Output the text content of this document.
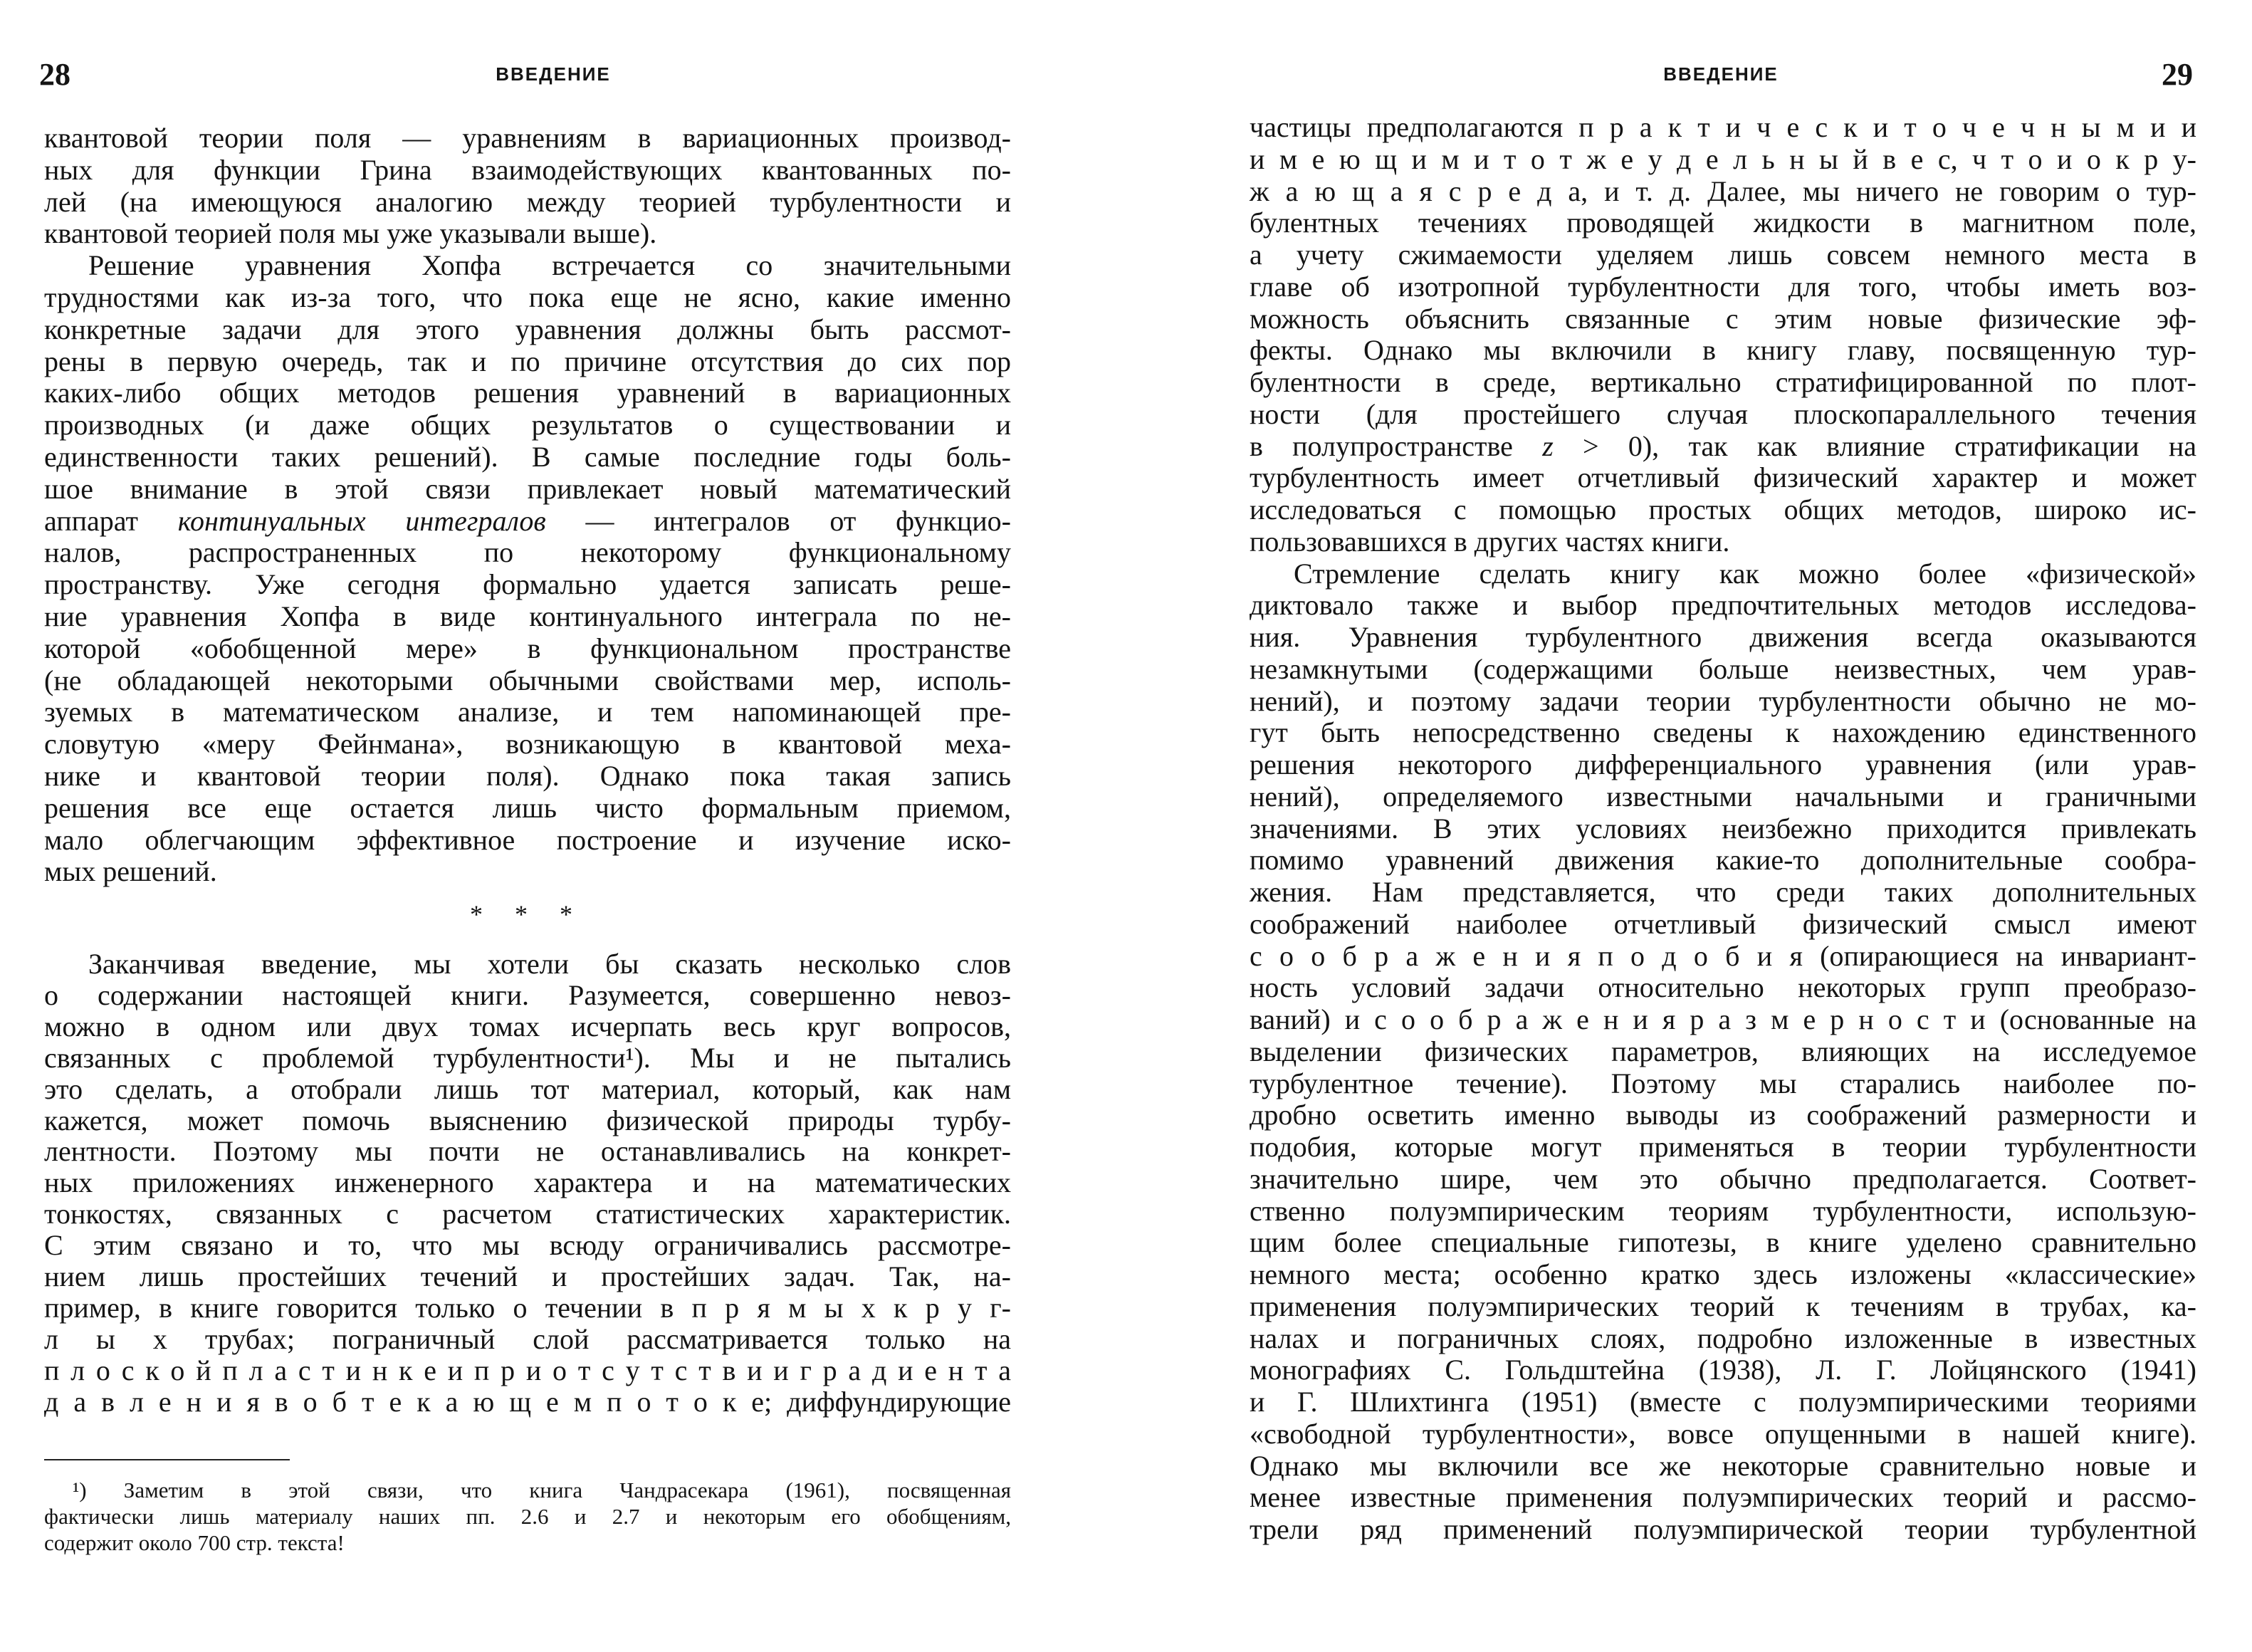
28	ВВЕДЕНИЕ
* * *
квантовой теории поля — уравнениям в вариационных производ-
ных для функции Грина взаимодействующих квантованных по-
лей (на имеющуюся аналогию между теорией турбулентности и
квантовой теорией поля мы уже указывали выше).
Решение уравнения Хопфа встречается со значительными
трудностями как из-за того, что пока еще не ясно, какие именно
конкретные задачи для этого уравнения должны быть рассмот-
рены в первую очередь, так и по причине отсутствия до сих пор
каких-либо общих методов решения уравнений в вариационных
производных (и даже общих результатов о существовании и
единственности таких решений). В самые последние годы боль-
шое внимание в этой связи привлекает новый математический
аппарат континуальных интегралов — интегралов от функцио-
налов, распространенных по некоторому функциональному
пространству. Уже сегодня формально удается записать реше-
ние уравнения Хопфа в виде континуального интеграла по не-
которой «обобщенной мере» в функциональном пространстве
(не обладающей некоторыми обычными свойствами мер, исполь-
зуемых в математическом анализе, и тем напоминающей пре-
словутую «меру Фейнмана», возникающую в квантовой меха-
нике и квантовой теории поля). Однако пока такая запись
решения все еще остается лишь чисто формальным приемом,
мало облегчающим эффективное построение и изучение иско-
мых решений.
Заканчивая введение, мы хотели бы сказать несколько слов
о содержании настоящей книги. Разумеется, совершенно невоз-
можно в одном или двух томах исчерпать весь круг вопросов,
связанных с проблемой турбулентности¹). Мы и не пытались
это сделать, а отобрали лишь тот материал, который, как нам
кажется, может помочь выяснению физической природы турбу-
лентности. Поэтому мы почти не останавливались на конкрет-
ных приложениях инженерного характера и на математических
тонкостях, связанных с расчетом статистических характеристик.
С этим связано и то, что мы всюду ограничивались рассмотре-
нием лишь простейших течений и простейших задач. Так, на-
пример, в книге говорится только о течении в п р я м ы х к р у г-
л ы х трубах; пограничный слой рассматривается только на
п л о с к о й п л а с т и н к е и п р и о т с у т с т в и и г р а д и е н т а
д а в л е н и я в о б т е к а ю щ е м п о т о к е; диффундирующие
¹) Заметим в этой связи, что книга Чандрасекара (1961), посвященная
фактически лишь материалу наших пп. 2.6 и 2.7 и некоторым его обобщениям,
содержит около 700 стр. текста!
ВВЕДЕНИЕ	29
частицы предполагаются п р а к т и ч е с к и т о ч е ч н ы м и и
и м е ю щ и м и т о т ж е у д е л ь н ы й в е с, ч т о и о к р у-
ж а ю щ а я с р е д а, и т. д. Далее, мы ничего не говорим о тур-
булентных течениях проводящей жидкости в магнитном поле,
а учету сжимаемости уделяем лишь совсем немного места в
главе об изотропной турбулентности для того, чтобы иметь воз-
можность объяснить связанные с этим новые физические эф-
фекты. Однако мы включили в книгу главу, посвященную тур-
булентности в среде, вертикально стратифицированной по плот-
ности (для простейшего случая плоскопараллельного течения
в полупространстве z > 0), так как влияние стратификации на
турбулентность имеет отчетливый физический характер и может
исследоваться с помощью простых общих методов, широко ис-
пользовавшихся в других частях книги.
Стремление сделать книгу как можно более «физической»
диктовало также и выбор предпочтительных методов исследова-
ния. Уравнения турбулентного движения всегда оказываются
незамкнутыми (содержащими больше неизвестных, чем урав-
нений), и поэтому задачи теории турбулентности обычно не мо-
гут быть непосредственно сведены к нахождению единственного
решения некоторого дифференциального уравнения (или урав-
нений), определяемого известными начальными и граничными
значениями. В этих условиях неизбежно приходится привлекать
помимо уравнений движения какие-то дополнительные сообра-
жения. Нам представляется, что среди таких дополнительных
соображений наиболее отчетливый физический смысл имеют
с о о б р а ж е н и я п о д о б и я (опирающиеся на инвариант-
ность условий задачи относительно некоторых групп преобразо-
ваний) и с о о б р а ж е н и я р а з м е р н о с т и (основанные на
выделении физических параметров, влияющих на исследуемое
турбулентное течение). Поэтому мы старались наиболее по-
дробно осветить именно выводы из соображений размерности и
подобия, которые могут применяться в теории турбулентности
значительно шире, чем это обычно предполагается. Соответ-
ственно полуэмпирическим теориям турбулентности, использую-
щим более специальные гипотезы, в книге уделено сравнительно
немного места; особенно кратко здесь изложены «классические»
применения полуэмпирических теорий к течениям в трубах, ка-
налах и пограничных слоях, подробно изложенные в известных
монографиях С. Гольдштейна (1938), Л. Г. Лойцянского (1941)
и Г. Шлихтинга (1951) (вместе с полуэмпирическими теориями
«свободной турбулентности», вовсе опущенными в нашей книге).
Однако мы включили все же некоторые сравнительно новые и
менее известные применения полуэмпирических теорий и рассмо-
трели ряд применений полуэмпирической теории турбулентной
